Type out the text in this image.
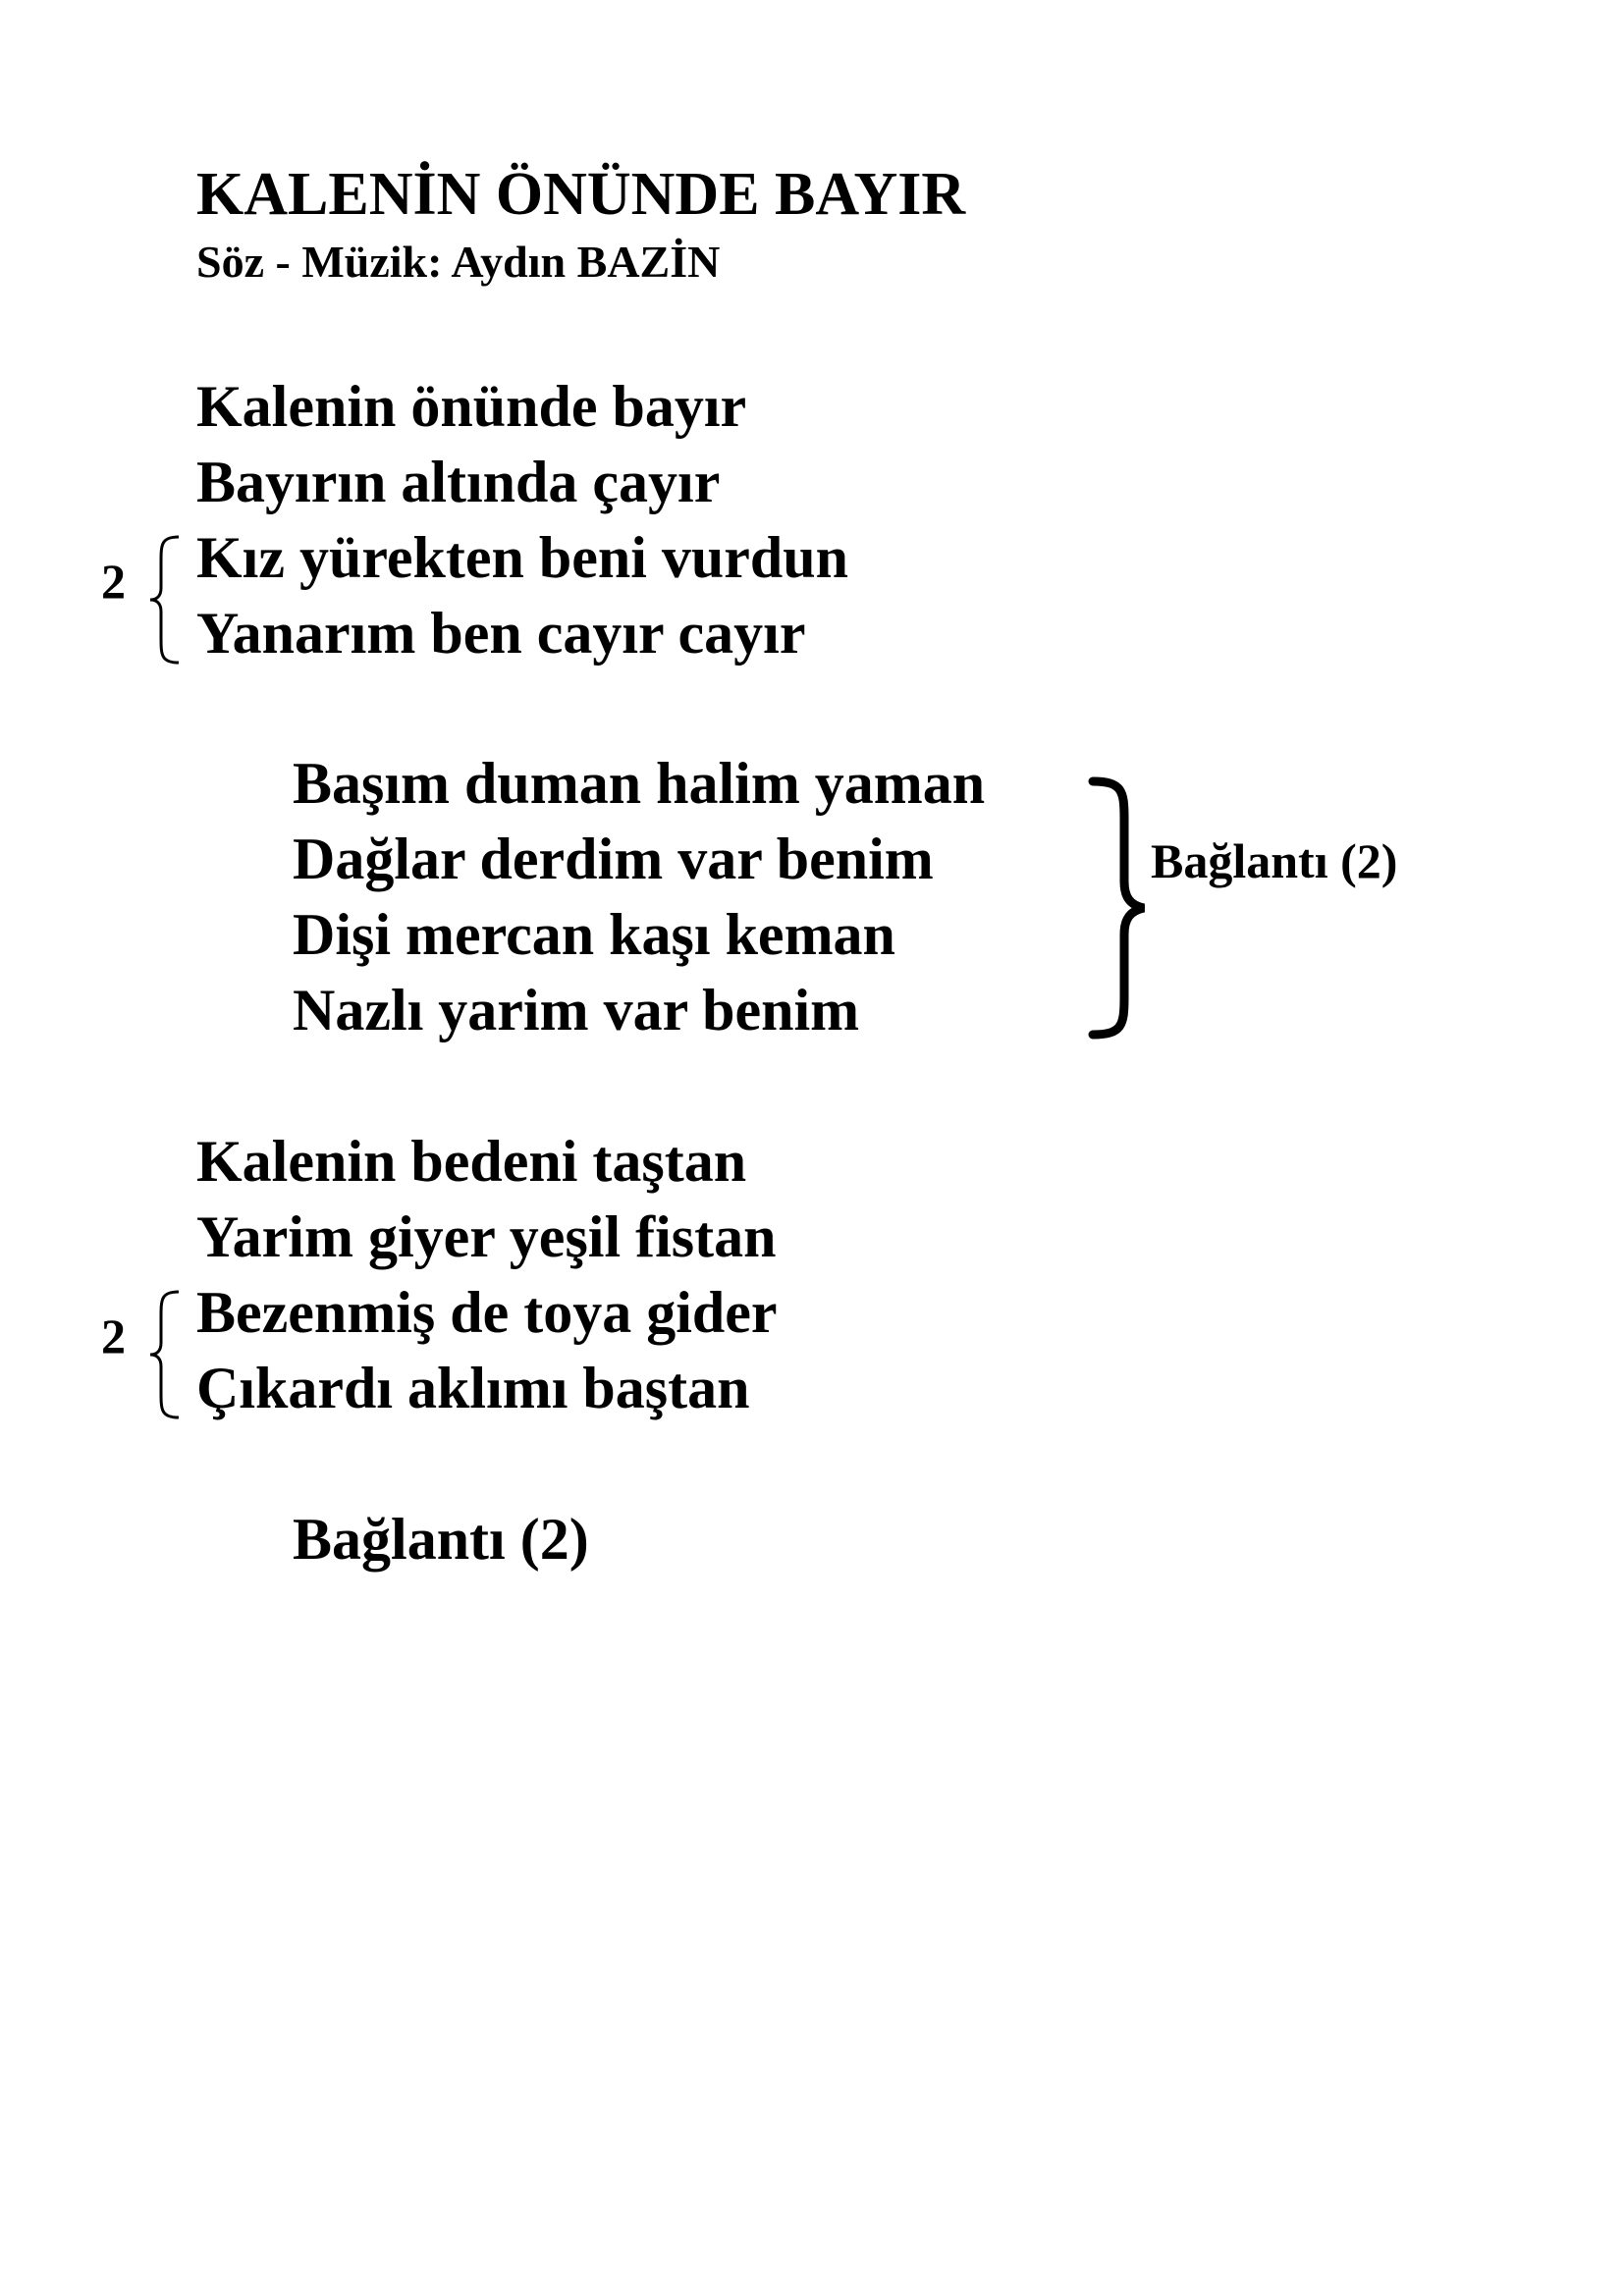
KALENİN ÖNÜNDE BAYIR
Söz - Müzik: Aydın BAZİN
Kalenin önünde bayır
Bayırın altında çayır
Kız yürekten beni vurdun
Yanarım ben cayır cayır
2
Başım duman halim yaman
Dağlar derdim var benim
Dişi mercan kaşı keman
Nazlı yarim var benim
Bağlantı (2)
Kalenin bedeni taştan
Yarim giyer yeşil fistan
Bezenmiş de toya gider
Çıkardı aklımı baştan
2
Bağlantı (2)
